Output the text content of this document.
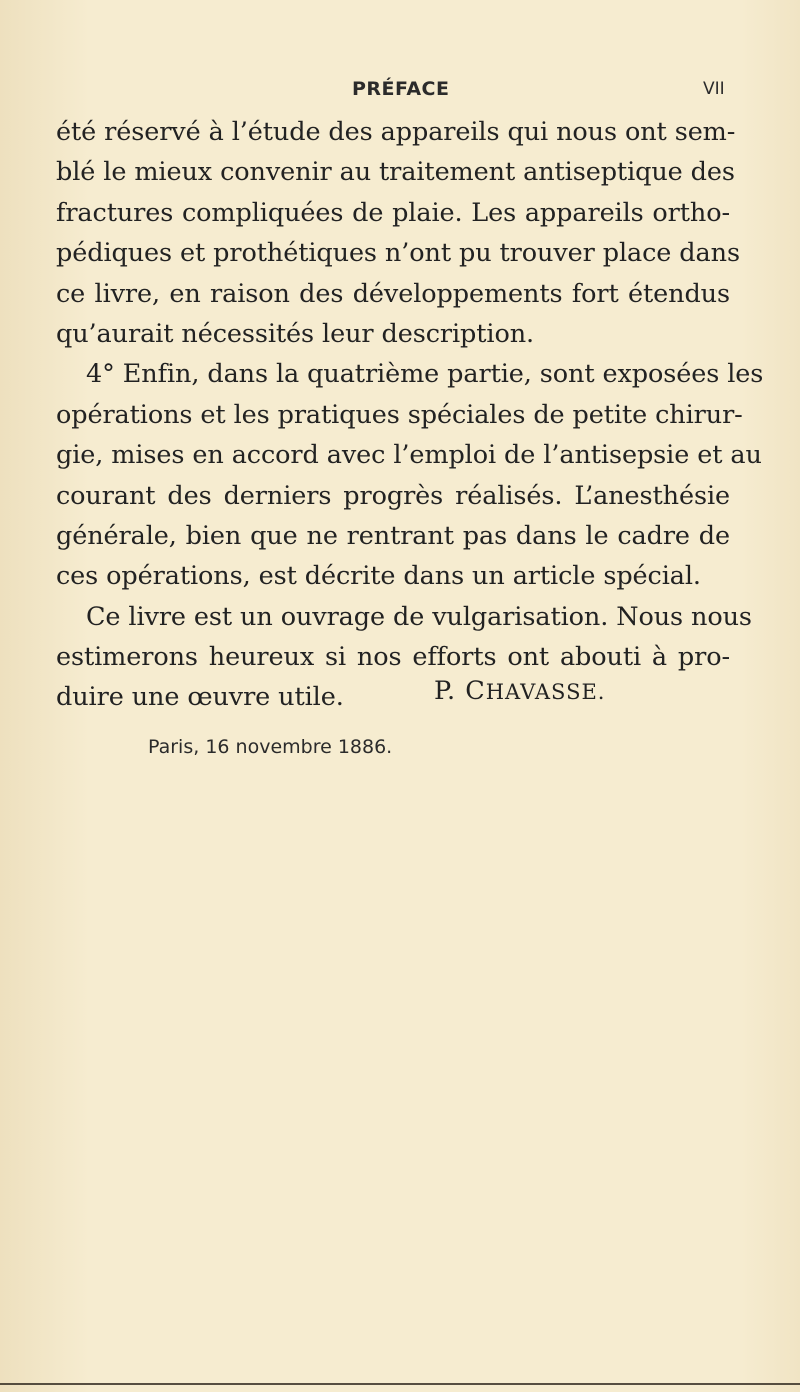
PRÉFACE	VII
été réservé à l’étude des appareils qui nous ont sem-
blé le mieux convenir au traitement antiseptique des
fractures compliquées de plaie. Les appareils ortho-
pédiques et prothétiques n’ont pu trouver place dans
ce livre, en raison des développements fort étendus
qu’aurait nécessités leur description.
4° Enfin, dans la quatrième partie, sont exposées les
opérations et les pratiques spéciales de petite chirur-
gie, mises en accord avec l’emploi de l’antisepsie et au
courant des derniers progrès réalisés. L’anesthésie
générale, bien que ne rentrant pas dans le cadre de
ces opérations, est décrite dans un article spécial.
Ce livre est un ouvrage de vulgarisation. Nous nous
estimerons heureux si nos efforts ont abouti à pro-
duire une œuvre utile.	P. CHAVASSE.
Paris, 16 novembre 1886.
